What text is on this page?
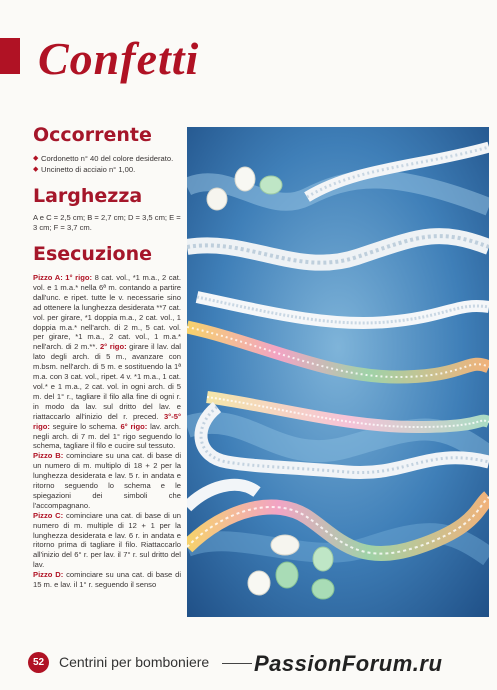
Confetti
Occorrente
◆ Cordonetto n° 40 del colore desiderato.
◆ Uncinetto di acciaio n° 1,00.
Larghezza

A e C = 2,5 cm; B = 2,7 cm; D = 3,5 cm; E = 3 cm; F = 3,7 cm.

Esecuzione

Pizzo A: 1° rigo: 8 cat. vol., *1 m.a., 2 cat. vol. e 1 m.a.* nella 6ª m. contando a partire dall'unc. e ripet. tutte le v. necessarie sino ad ottenere la lunghezza desiderata **7 cat. vol. per girare, *1 doppia m.a., 2 cat. vol., 1 doppia m.a.* nell'arch. di 2 m., 5 cat. vol. per girare, *1 m.a., 2 cat. vol., 1 m.a.* nell'arch. di 2 m.**. 2° rigo: girare il lav. dal lato degli arch. di 5 m., avanzare con m.bsm. nell'arch. di 5 m. e sostituendo la 1ª m.a. con 3 cat. vol., ripet. 4 v. *1 m.a., 1 cat. vol.* e 1 m.a., 2 cat. vol. in ogni arch. di 5 m. del 1° r., tagliare il filo alla fine di ogni r. in modo da lav. sul dritto del lav. e riattaccarlo all'inizio del r. preced. 3°-5° rigo: seguire lo schema. 6° rigo: lav. arch. negli arch. di 7 m. del 1° rigo seguendo lo schema, tagliare il filo e cucire sul tessuto.
Pizzo B: cominciare su una cat. di base di un numero di m. multiplo di 18 + 2 per la lunghezza desiderata e lav. 5 r. in andata e ritorno seguendo lo schema e le spiegazioni dei simboli che l'accompagnano.
Pizzo C: cominciare una cat. di base di un numero di m. multiple di 12 + 1 per la lunghezza desiderata e lav. 6 r. in andata e ritorno prima di tagliare il filo. Riattaccarlo all'inizio del 6° r. per lav. il 7° r. sul dritto del lav.
Pizzo D: cominciare su una cat. di base di 15 m. e lav. il 1° r. seguendo il senso

52	Centrini per bomboniere PassionForum.ru
